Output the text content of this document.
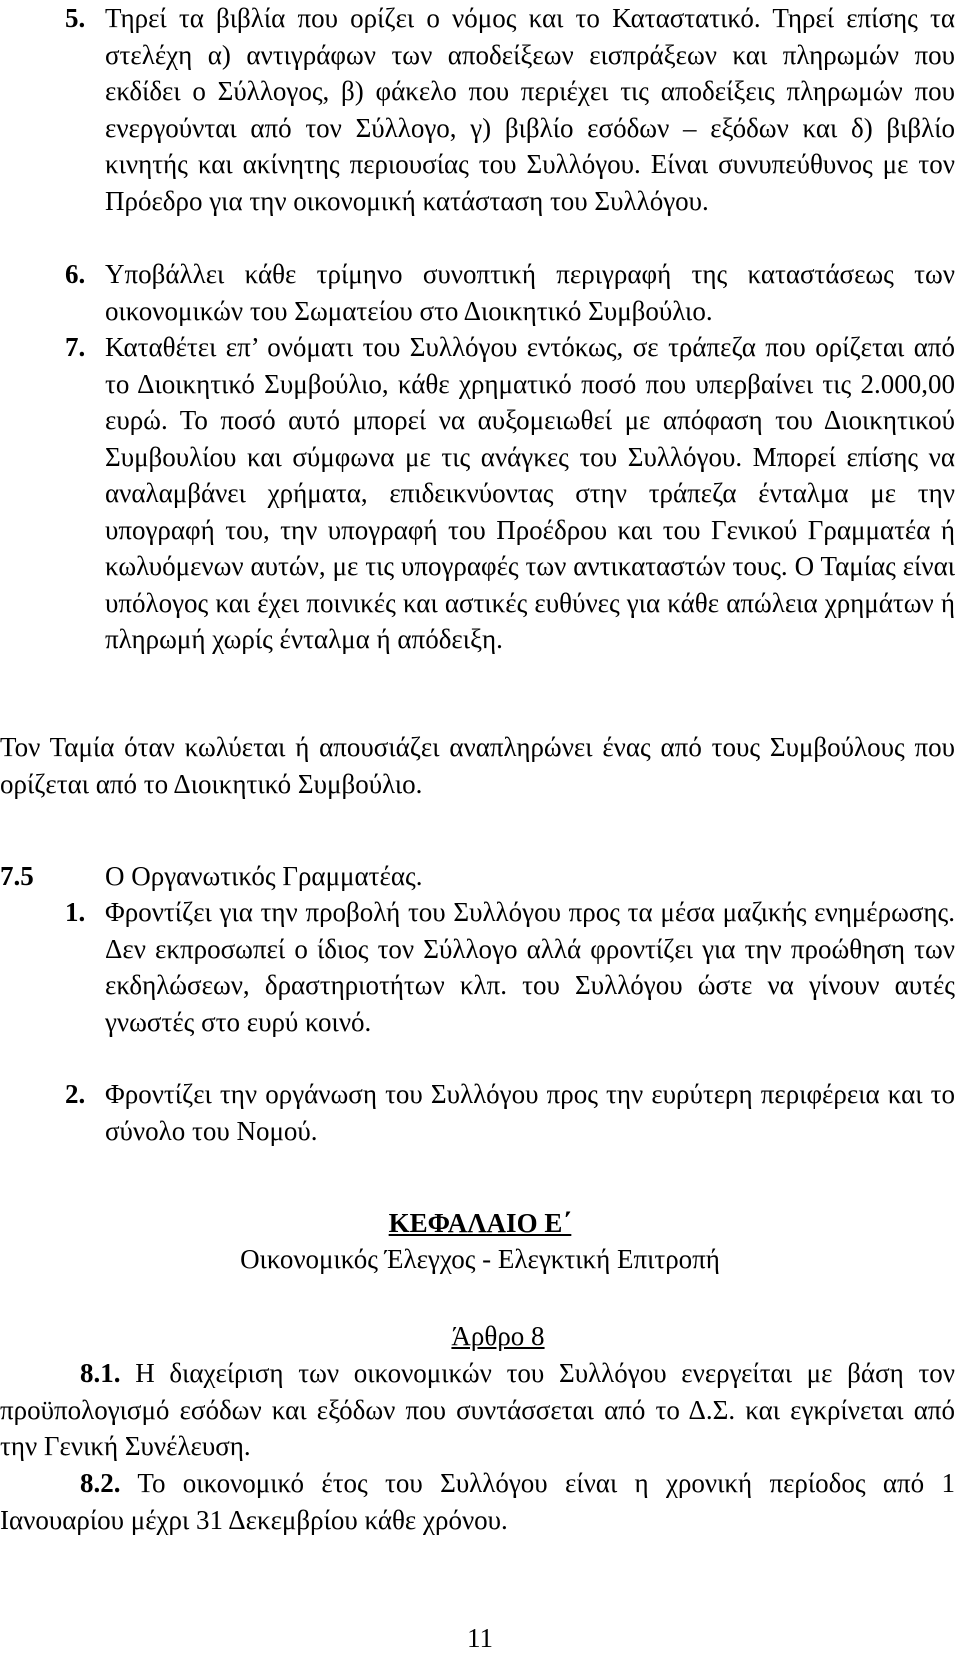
5. Τηρεί τα βιβλία που ορίζει ο νόμος και το Καταστατικό. Τηρεί επίσης τα στελέχη α) αντιγράφων των αποδείξεων εισπράξεων και πληρωμών που εκδίδει ο Σύλλογος, β) φάκελο που περιέχει τις αποδείξεις πληρωμών που ενεργούνται από τον Σύλλογο, γ) βιβλίο εσόδων – εξόδων και δ) βιβλίο κινητής και ακίνητης περιουσίας του Συλλόγου. Είναι συνυπεύθυνος με τον Πρόεδρο για την οικονομική κατάσταση του Συλλόγου.
6. Υποβάλλει κάθε τρίμηνο συνοπτική περιγραφή της καταστάσεως των οικονομικών του Σωματείου στο Διοικητικό Συμβούλιο.
7. Καταθέτει επ’ ονόματι του Συλλόγου εντόκως, σε τράπεζα που ορίζεται από το Διοικητικό Συμβούλιο, κάθε χρηματικό ποσό που υπερβαίνει τις 2.000,00 ευρώ. Το ποσό αυτό μπορεί να αυξομειωθεί με απόφαση του Διοικητικού Συμβουλίου και σύμφωνα με τις ανάγκες του Συλλόγου. Μπορεί επίσης να αναλαμβάνει χρήματα, επιδεικνύοντας στην τράπεζα ένταλμα με την υπογραφή του, την υπογραφή του Προέδρου και του Γενικού Γραμματέα ή κωλυόμενων αυτών, με τις υπογραφές των αντικαταστών τους. Ο Ταμίας είναι υπόλογος και έχει ποινικές και αστικές ευθύνες για κάθε απώλεια χρημάτων ή πληρωμή χωρίς ένταλμα ή απόδειξη.
Τον Ταμία όταν κωλύεται ή απουσιάζει αναπληρώνει ένας από τους Συμβούλους που ορίζεται από το Διοικητικό Συμβούλιο.
7.5	Ο Οργανωτικός Γραμματέας.
1. Φροντίζει για την προβολή του Συλλόγου προς τα μέσα μαζικής ενημέρωσης. Δεν εκπροσωπεί ο ίδιος τον Σύλλογο αλλά φροντίζει για την προώθηση των εκδηλώσεων, δραστηριοτήτων κλπ. του Συλλόγου ώστε να γίνουν αυτές γνωστές στο ευρύ κοινό.
2. Φροντίζει την οργάνωση του Συλλόγου προς την ευρύτερη περιφέρεια και το σύνολο του Νομού.
ΚΕΦΑΛΑΙΟ Ε΄
Οικονομικός Έλεγχος - Ελεγκτική Επιτροπή
Άρθρο 8
8.1. Η διαχείριση των οικονομικών του Συλλόγου ενεργείται με βάση τον προϋπολογισμό εσόδων και εξόδων που συντάσσεται από το Δ.Σ. και εγκρίνεται από την Γενική Συνέλευση.
8.2. Το οικονομικό έτος του Συλλόγου είναι η χρονική περίοδος από 1 Ιανουαρίου μέχρι 31 Δεκεμβρίου κάθε χρόνου.
11
